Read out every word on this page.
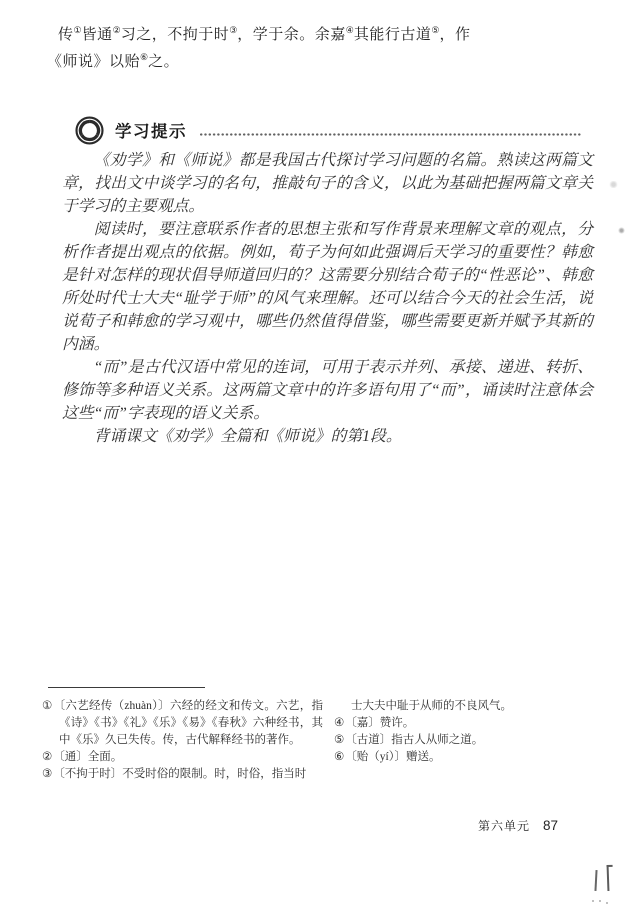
传①皆通②习之，不拘于时③，学于余。余嘉④其能行古道⑤，作
《师说》以贻⑥之。
学习提示

《劝学》和《师说》都是我国古代探讨学习问题的名篇。熟读这两篇文章，找出文中谈学习的名句，推敲句子的含义，以此为基础把握两篇文章关于学习的主要观点。

阅读时，要注意联系作者的思想主张和写作背景来理解文章的观点，分析作者提出观点的依据。例如，荀子为何如此强调后天学习的重要性？韩愈是针对怎样的现状倡导师道回归的？这需要分别结合荀子的“性恶论”、韩愈所处时代士大夫“耻学于师”的风气来理解。还可以结合今天的社会生活，说说荀子和韩愈的学习观中，哪些仍然值得借鉴，哪些需要更新并赋予其新的内涵。

“而”是古代汉语中常见的连词，可用于表示并列、承接、递进、转折、修饰等多种语义关系。这两篇文章中的许多语句用了“而”，诵读时注意体会这些“而”字表现的语义关系。

背诵课文《劝学》全篇和《师说》的第1段。

①〔六艺经传（zhuàn）〕六经的经文和传文。六艺，指《诗》《书》《礼》《乐》《易》《春秋》六种经书，其中《乐》久已失传。传，古代解释经书的著作。
②〔通〕全面。
③〔不拘于时〕不受时俗的限制。时，时俗，指当时
士大夫中耻于从师的不良风气。
④〔嘉〕赞许。
⑤〔古道〕指古人从师之道。
⑥〔贻（yí）〕赠送。
第六单元 87
